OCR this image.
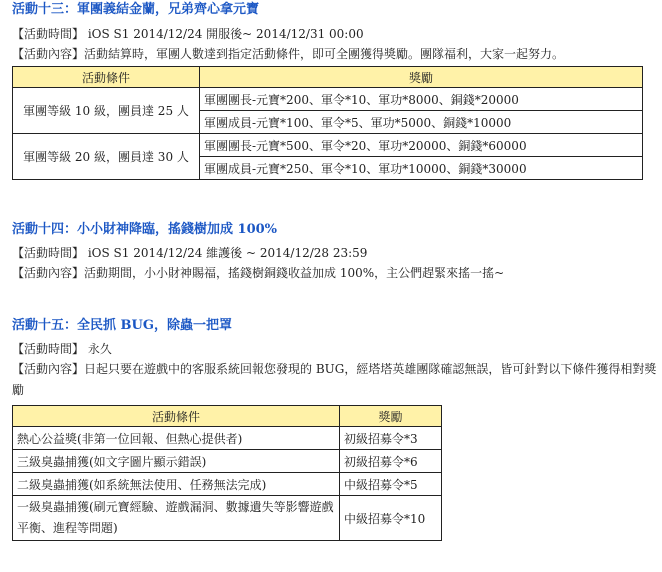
活動十三：軍團義結金蘭，兄弟齊心拿元寶
【活動時間】 iOS S1 2014/12/24 開服後~ 2014/12/31 00:00
【活動內容】活動結算時，軍團人數達到指定活動條件，即可全團獲得獎勵。團隊福利，大家一起努力。
活動條件	獎勵
軍團等級 10 級，團員達 25 人	軍團團長-元寶*200、軍令*10、軍功*8000、銅錢*20000
	軍團成員-元寶*100、軍令*5、軍功*5000、銅錢*10000
軍團等級 20 級，團員達 30 人	軍團團長-元寶*500、軍令*20、軍功*20000、銅錢*60000
	軍團成員-元寶*250、軍令*10、軍功*10000、銅錢*30000
活動十四：小小財神降臨，搖錢樹加成 100%
【活動時間】 iOS S1 2014/12/24 維護後 ~ 2014/12/28 23:59
【活動內容】活動期間，小小財神賜福，搖錢樹銅錢收益加成 100%，主公們趕緊來搖一搖~
活動十五：全民抓 BUG，除蟲一把罩
【活動時間】 永久
【活動內容】日起只要在遊戲中的客服系統回報您發現的 BUG，經塔塔英雄團隊確認無誤，皆可針對以下條件獲得相對獎勵
活動條件	獎勵
熱心公益獎(非第一位回報、但熱心提供者)	初級招募令*3
三級臭蟲捕獲(如文字圖片顯示錯誤)	初級招募令*6
二級臭蟲捕獲(如系統無法使用、任務無法完成)	中級招募令*5
一級臭蟲捕獲(刷元寶經驗、遊戲漏洞、數據遺失等影響遊戲平衡、進程等問題)	中級招募令*10
